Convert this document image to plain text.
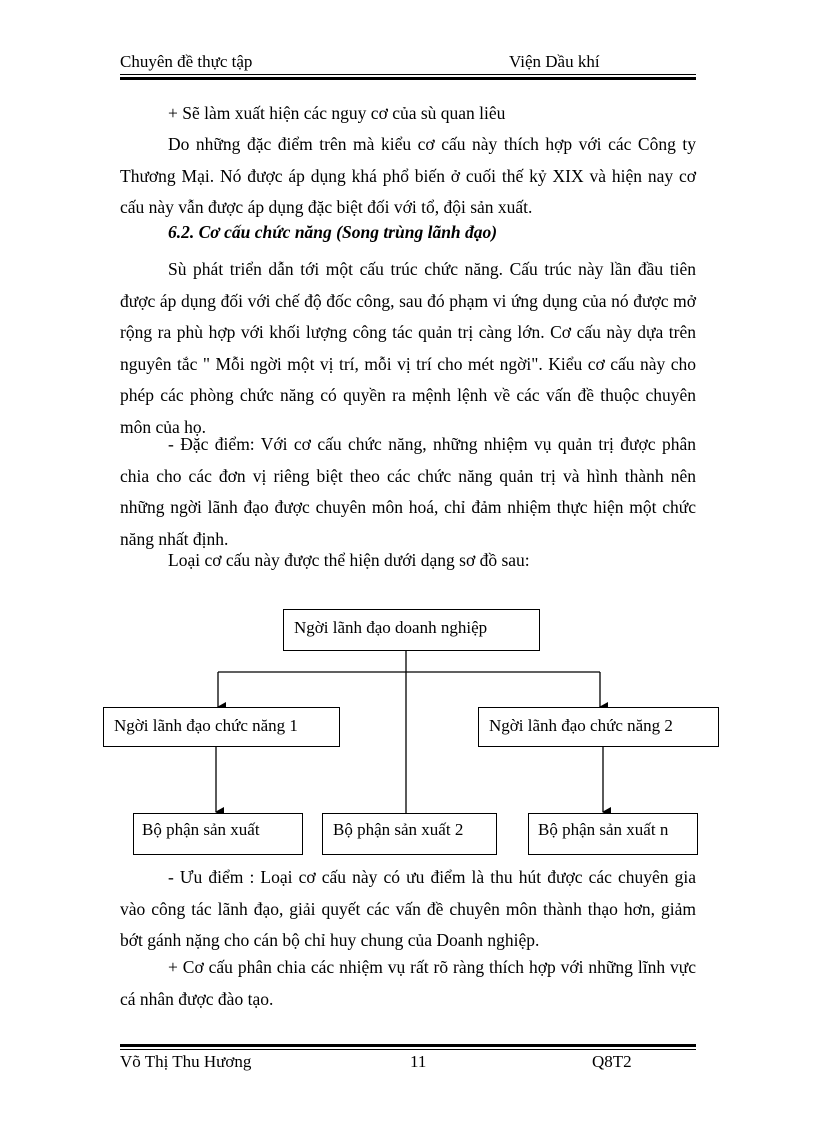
Chuyên đề thực tập	Viện Dầu khí

+ Sẽ làm xuất hiện các nguy cơ của sù quan liêu

Do những đặc điểm trên mà kiểu cơ cấu này thích hợp với các Công ty Thương Mại. Nó được áp dụng khá phổ biến ở cuối thế kỷ XIX và hiện nay cơ cấu này vẫn được áp dụng đặc biệt đối với tổ, đội sản xuất.

6.2. Cơ cấu chức năng (Song trùng lãnh đạo)

Sù phát triển dẫn tới một cấu trúc chức năng. Cấu trúc này lần đầu tiên được áp dụng đối với chế độ đốc công, sau đó phạm vi ứng dụng của nó được mở rộng ra phù hợp với khối lượng công tác quản trị càng lớn. Cơ cấu này dựa trên nguyên tắc " Mỗi ngời một vị trí, mỗi vị trí cho mét ngời". Kiểu cơ cấu này cho phép các phòng chức năng có quyền ra mệnh lệnh về các vấn đề thuộc chuyên môn của họ.

- Đặc điểm: Với cơ cấu chức năng, những nhiệm vụ quản trị được phân chia cho các đơn vị riêng biệt theo các chức năng quản trị và hình thành nên những ngời lãnh đạo được chuyên môn hoá, chỉ đảm nhiệm thực hiện một chức năng nhất định.

Loại cơ cấu này được thể hiện dưới dạng sơ đồ sau:

Ngời lãnh đạo doanh nghiệp
Ngời lãnh đạo chức năng 1	Ngời lãnh đạo chức năng 2
Bộ phận sản xuất	Bộ phận sản xuất 2	Bộ phận sản xuất n

- Ưu điểm : Loại cơ cấu này có ưu điểm là thu hút được các chuyên gia vào công tác lãnh đạo, giải quyết các vấn đề chuyên môn thành thạo hơn, giảm bớt gánh nặng cho cán bộ chỉ huy chung của Doanh nghiệp.

+ Cơ cấu phân chia các nhiệm vụ rất rõ ràng thích hợp với những lĩnh vực cá nhân được đào tạo.

Võ Thị Thu Hương	11	Q8T2
